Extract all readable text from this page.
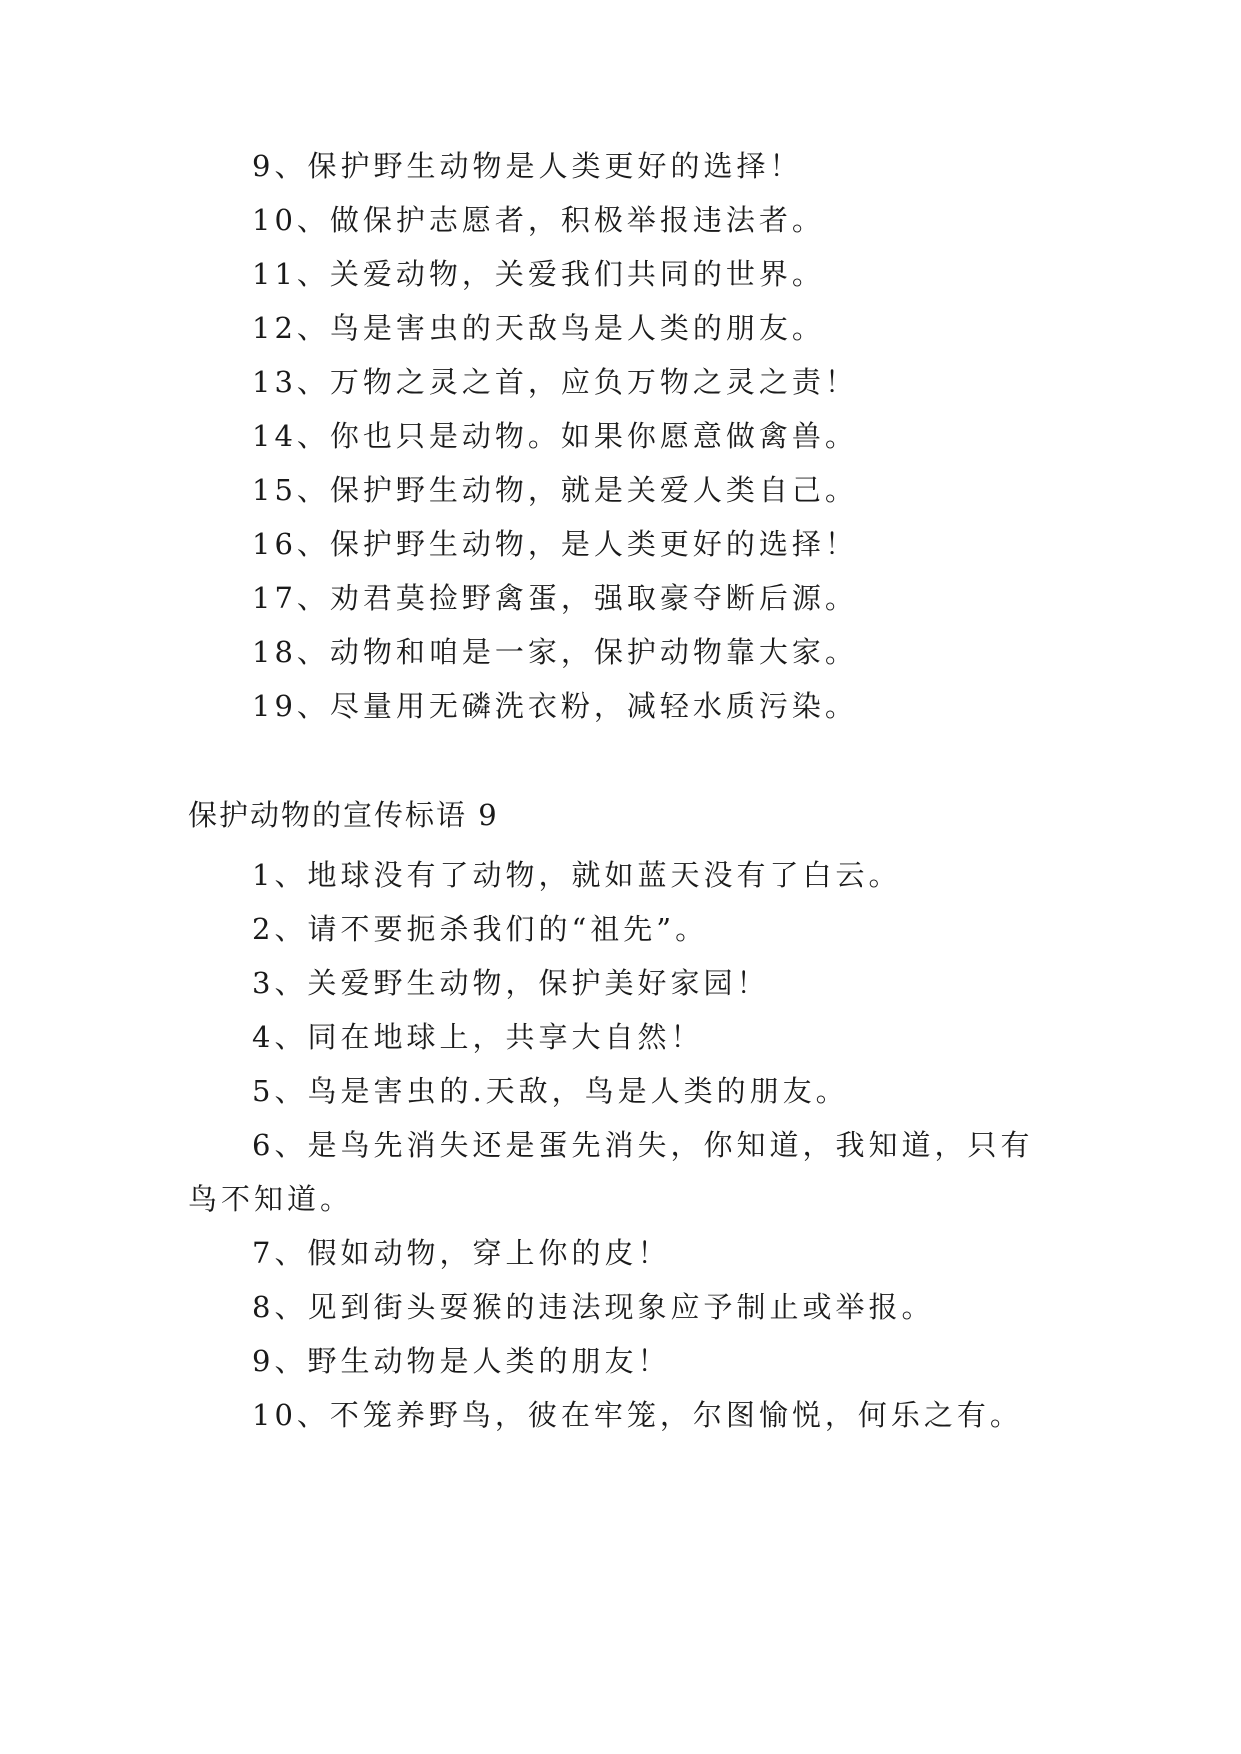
9、保护野生动物是人类更好的选择！
10、做保护志愿者，积极举报违法者。
11、关爱动物，关爱我们共同的世界。
12、鸟是害虫的天敌鸟是人类的朋友。
13、万物之灵之首，应负万物之灵之责！
14、你也只是动物。如果你愿意做禽兽。
15、保护野生动物，就是关爱人类自己。
16、保护野生动物，是人类更好的选择！
17、劝君莫捡野禽蛋，强取豪夺断后源。
18、动物和咱是一家，保护动物靠大家。
19、尽量用无磷洗衣粉，减轻水质污染。
保护动物的宣传标语 9
1、地球没有了动物，就如蓝天没有了白云。
2、请不要扼杀我们的“祖先”。
3、关爱野生动物，保护美好家园！
4、同在地球上，共享大自然！
5、鸟是害虫的.天敌，鸟是人类的朋友。
6、是鸟先消失还是蛋先消失，你知道，我知道，只有
鸟不知道。
7、假如动物，穿上你的皮！
8、见到街头耍猴的违法现象应予制止或举报。
9、野生动物是人类的朋友！
10、不笼养野鸟，彼在牢笼，尔图愉悦，何乐之有。
